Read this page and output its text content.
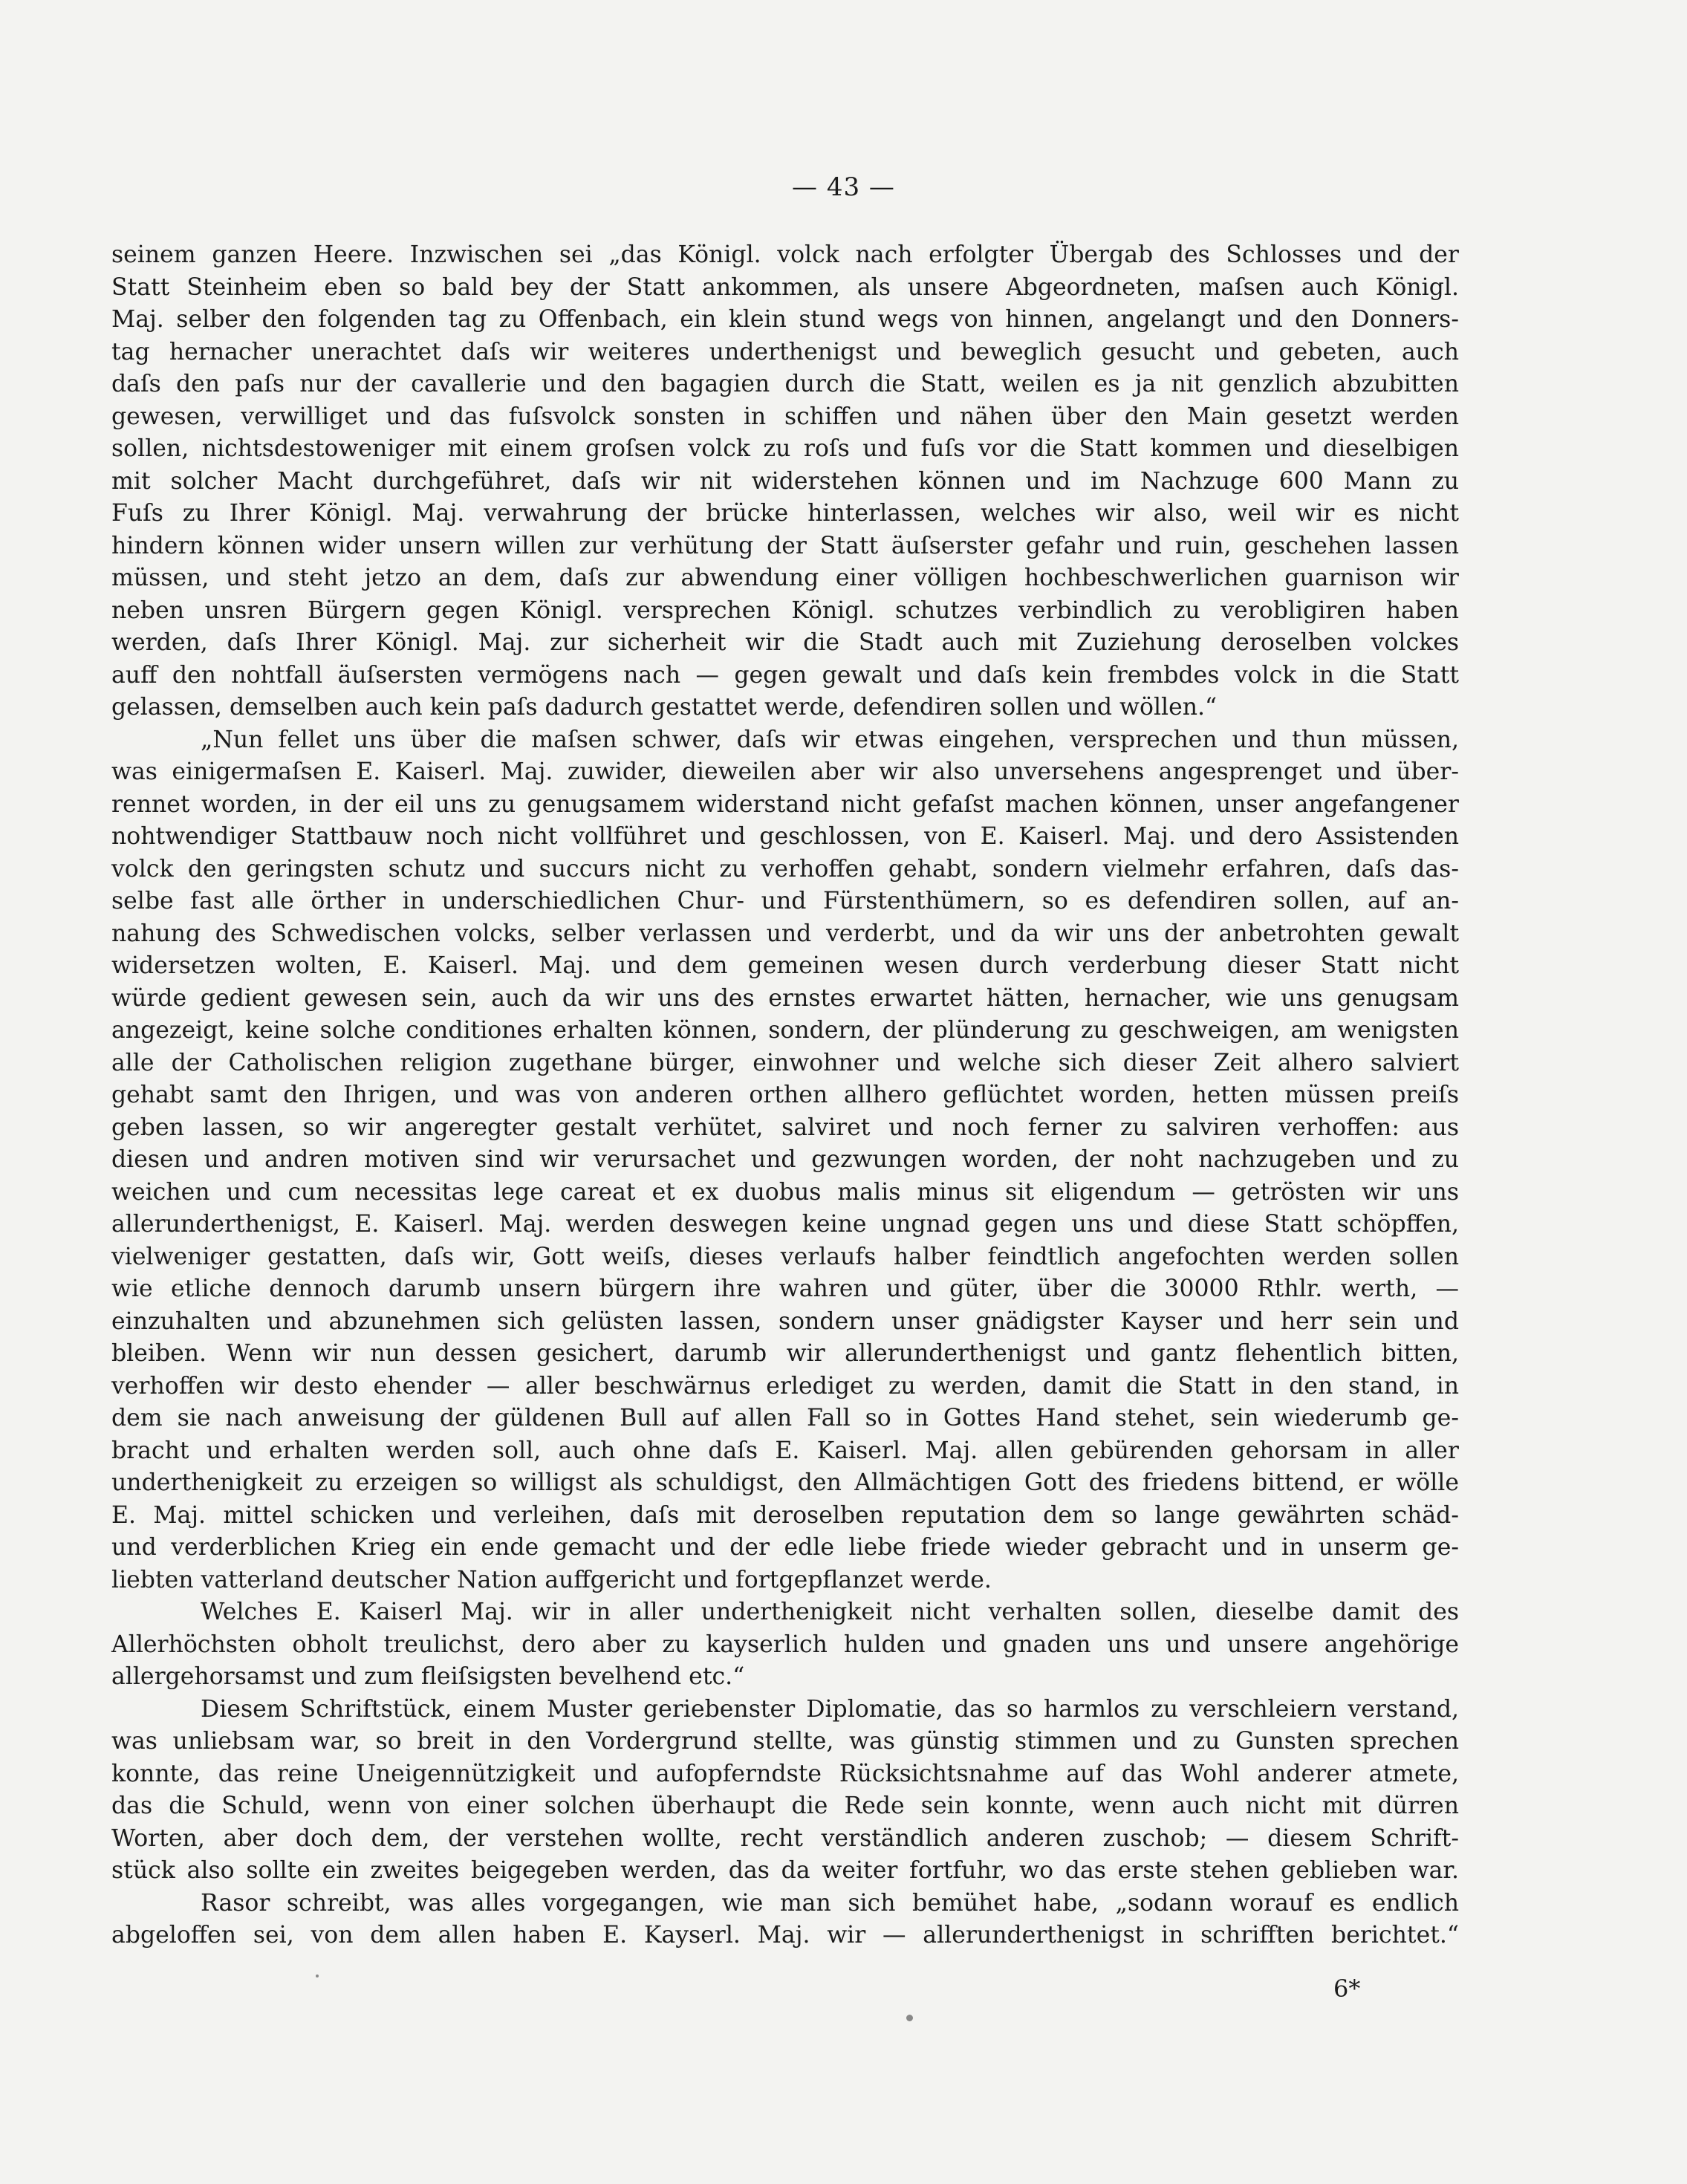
— 43 —
seinem ganzen Heere. Inzwischen sei „das Königl. volck nach erfolgter Übergab des Schlosses und der
Statt Steinheim eben so bald bey der Statt ankommen, als unsere Abgeordneten, maſsen auch Königl.
Maj. selber den folgenden tag zu Offenbach, ein klein stund wegs von hinnen, angelangt und den Donners-
tag hernacher unerachtet daſs wir weiteres underthenigst und beweglich gesucht und gebeten, auch
daſs den paſs nur der cavallerie und den bagagien durch die Statt, weilen es ja nit genzlich abzubitten
gewesen, verwilliget und das fuſsvolck sonsten in schiffen und nähen über den Main gesetzt werden
sollen, nichtsdestoweniger mit einem groſsen volck zu roſs und fuſs vor die Statt kommen und dieselbigen
mit solcher Macht durchgeführet, daſs wir nit widerstehen können und im Nachzuge 600 Mann zu
Fuſs zu Ihrer Königl. Maj. verwahrung der brücke hinterlassen, welches wir also, weil wir es nicht
hindern können wider unsern willen zur verhütung der Statt äuſserster gefahr und ruin, geschehen lassen
müssen, und steht jetzo an dem, daſs zur abwendung einer völligen hochbeschwerlichen guarnison wir
neben unsren Bürgern gegen Königl. versprechen Königl. schutzes verbindlich zu verobligiren haben
werden, daſs Ihrer Königl. Maj. zur sicherheit wir die Stadt auch mit Zuziehung deroselben volckes
auff den nohtfall äuſsersten vermögens nach — gegen gewalt und daſs kein frembdes volck in die Statt
gelassen, demselben auch kein paſs dadurch gestattet werde, defendiren sollen und wöllen.“
„Nun fellet uns über die maſsen schwer, daſs wir etwas eingehen, versprechen und thun müssen,
was einigermaſsen E. Kaiserl. Maj. zuwider, dieweilen aber wir also unversehens angesprenget und über-
rennet worden, in der eil uns zu genugsamem widerstand nicht gefaſst machen können, unser angefangener
nohtwendiger Stattbauw noch nicht vollführet und geschlossen, von E. Kaiserl. Maj. und dero Assistenden
volck den geringsten schutz und succurs nicht zu verhoffen gehabt, sondern vielmehr erfahren, daſs das-
selbe fast alle örther in underschiedlichen Chur- und Fürstenthümern, so es defendiren sollen, auf an-
nahung des Schwedischen volcks, selber verlassen und verderbt, und da wir uns der anbetrohten gewalt
widersetzen wolten, E. Kaiserl. Maj. und dem gemeinen wesen durch verderbung dieser Statt nicht
würde gedient gewesen sein, auch da wir uns des ernstes erwartet hätten, hernacher, wie uns genugsam
angezeigt, keine solche conditiones erhalten können, sondern, der plünderung zu geschweigen, am wenigsten
alle der Catholischen religion zugethane bürger, einwohner und welche sich dieser Zeit alhero salviert
gehabt samt den Ihrigen, und was von anderen orthen allhero geflüchtet worden, hetten müssen preiſs
geben lassen, so wir angeregter gestalt verhütet, salviret und noch ferner zu salviren verhoffen: aus
diesen und andren motiven sind wir verursachet und gezwungen worden, der noht nachzugeben und zu
weichen und cum necessitas lege careat et ex duobus malis minus sit eligendum — getrösten wir uns
allerunderthenigst, E. Kaiserl. Maj. werden deswegen keine ungnad gegen uns und diese Statt schöpffen,
vielweniger gestatten, daſs wir, Gott weiſs, dieses verlaufs halber feindtlich angefochten werden sollen
wie etliche dennoch darumb unsern bürgern ihre wahren und güter, über die 30000 Rthlr. werth, —
einzuhalten und abzunehmen sich gelüsten lassen, sondern unser gnädigster Kayser und herr sein und
bleiben. Wenn wir nun dessen gesichert, darumb wir allerunderthenigst und gantz flehentlich bitten,
verhoffen wir desto ehender — aller beschwärnus erlediget zu werden, damit die Statt in den stand, in
dem sie nach anweisung der güldenen Bull auf allen Fall so in Gottes Hand stehet, sein wiederumb ge-
bracht und erhalten werden soll, auch ohne daſs E. Kaiserl. Maj. allen gebürenden gehorsam in aller
underthenigkeit zu erzeigen so willigst als schuldigst, den Allmächtigen Gott des friedens bittend, er wölle
E. Maj. mittel schicken und verleihen, daſs mit deroselben reputation dem so lange gewährten schäd-
und verderblichen Krieg ein ende gemacht und der edle liebe friede wieder gebracht und in unserm ge-
liebten vatterland deutscher Nation auffgericht und fortgepflanzet werde.
Welches E. Kaiserl Maj. wir in aller underthenigkeit nicht verhalten sollen, dieselbe damit des
Allerhöchsten obholt treulichst, dero aber zu kayserlich hulden und gnaden uns und unsere angehörige
allergehorsamst und zum fleiſsigsten bevelhend etc.“
Diesem Schriftstück, einem Muster geriebenster Diplomatie, das so harmlos zu verschleiern verstand,
was unliebsam war, so breit in den Vordergrund stellte, was günstig stimmen und zu Gunsten sprechen
konnte, das reine Uneigennützigkeit und aufopferndste Rücksichtsnahme auf das Wohl anderer atmete,
das die Schuld, wenn von einer solchen überhaupt die Rede sein konnte, wenn auch nicht mit dürren
Worten, aber doch dem, der verstehen wollte, recht verständlich anderen zuschob; — diesem Schrift-
stück also sollte ein zweites beigegeben werden, das da weiter fortfuhr, wo das erste stehen geblieben war.
Rasor schreibt, was alles vorgegangen, wie man sich bemühet habe, „sodann worauf es endlich
abgeloffen sei, von dem allen haben E. Kayserl. Maj. wir — allerunderthenigst in schrifften berichtet.“
6*
